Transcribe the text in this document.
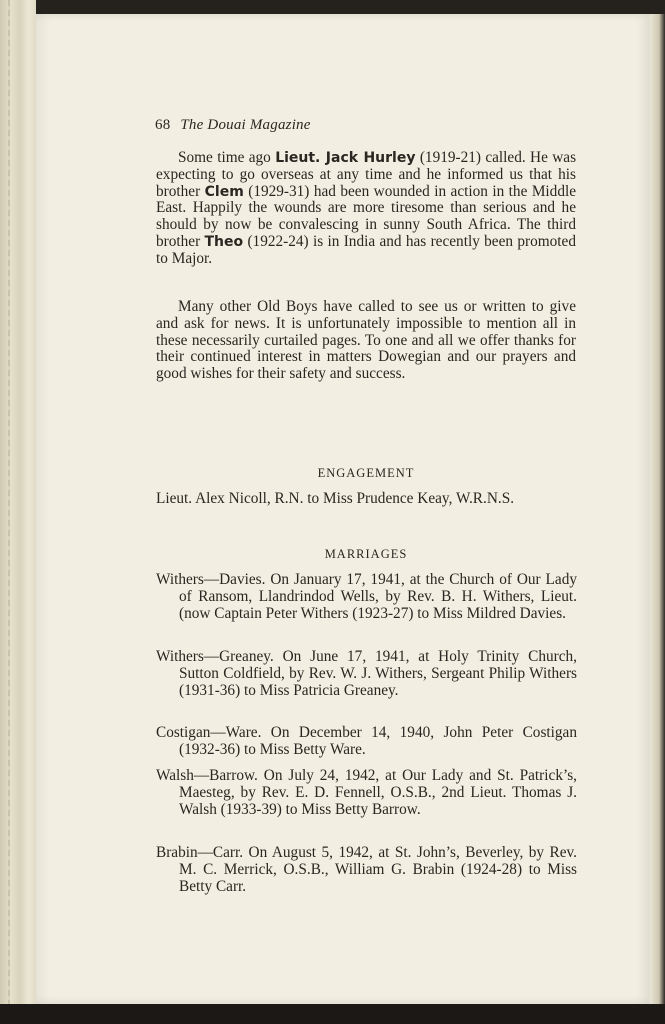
68 The Douai Magazine
Some time ago Lieut. Jack Hurley (1919-21) called. He was expecting to go overseas at any time and he informed us that his brother Clem (1929-31) had been wounded in action in the Middle East. Happily the wounds are more tiresome than serious and he should by now be convalescing in sunny South Africa. The third brother Theo (1922-24) is in India and has recently been promoted to Major.
Many other Old Boys have called to see us or written to give and ask for news. It is unfortunately impossible to mention all in these necessarily curtailed pages. To one and all we offer thanks for their continued interest in matters Dowegian and our prayers and good wishes for their safety and success.
ENGAGEMENT
Lieut. Alex Nicoll, R.N. to Miss Prudence Keay, W.R.N.S.
MARRIAGES
Withers—Davies. On January 17, 1941, at the Church of Our Lady of Ransom, Llandrindod Wells, by Rev. B. H. Withers, Lieut. (now Captain Peter Withers (1923-27) to Miss Mildred Davies.
Withers—Greaney. On June 17, 1941, at Holy Trinity Church, Sutton Coldfield, by Rev. W. J. Withers, Sergeant Philip Withers (1931-36) to Miss Patricia Greaney.
Costigan—Ware. On December 14, 1940, John Peter Costigan (1932-36) to Miss Betty Ware.
Walsh—Barrow. On July 24, 1942, at Our Lady and St. Patrick’s, Maesteg, by Rev. E. D. Fennell, O.S.B., 2nd Lieut. Thomas J. Walsh (1933-39) to Miss Betty Barrow.
Brabin—Carr. On August 5, 1942, at St. John’s, Beverley, by Rev. M. C. Merrick, O.S.B., William G. Brabin (1924-28) to Miss Betty Carr.
